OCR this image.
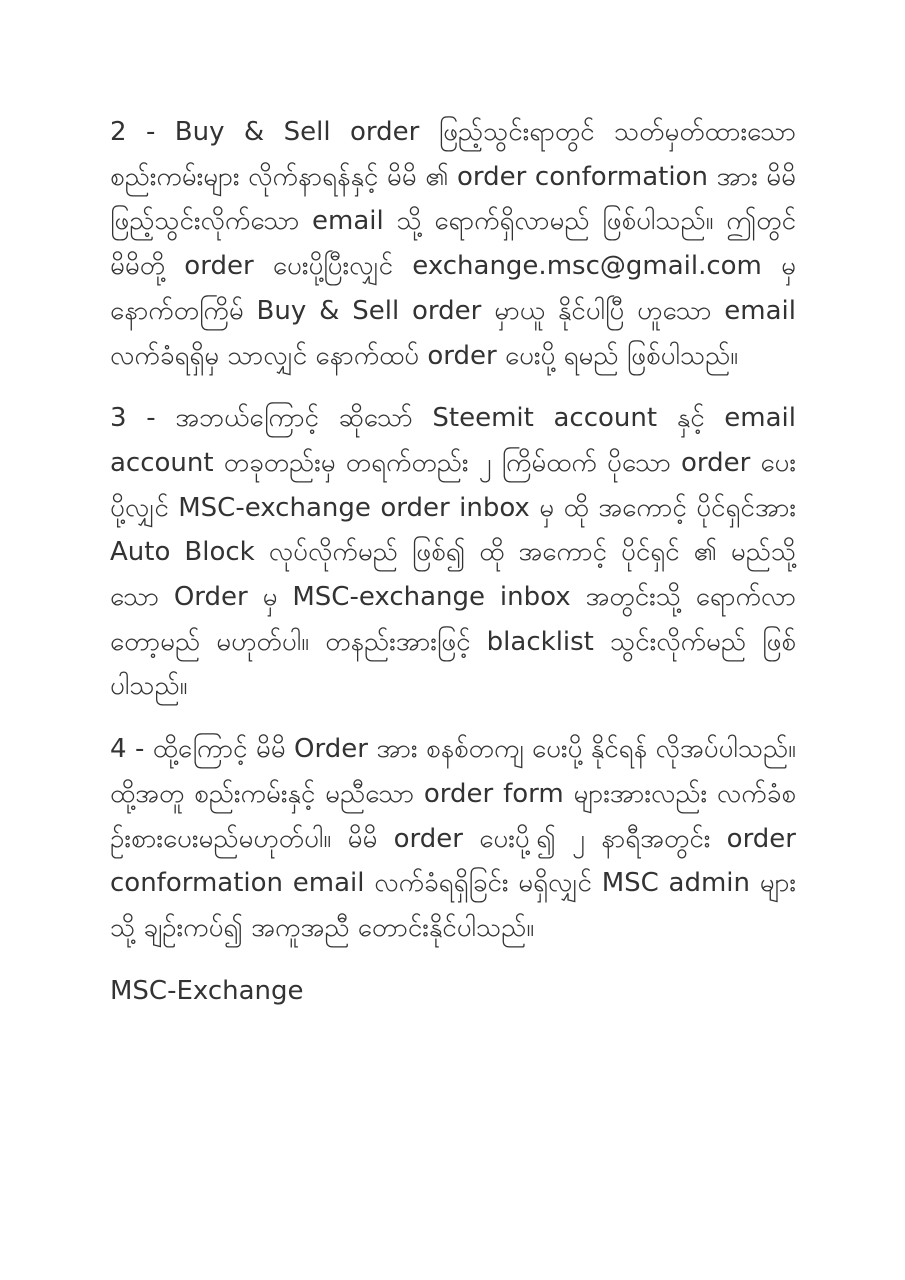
2 - Buy & Sell order ဖြည့်သွင်းရာတွင် သတ်မှတ်ထားသော စည်းကမ်းများ လိုက်နာရန်နှင့် မိမိ ၏ order conformation အား မိမိ ဖြည့်သွင်းလိုက်သော email သို့ ရောက်ရှိလာမည် ဖြစ်ပါသည်။ ဤတွင် မိမိတို့ order ပေးပို့ပြီးလျှင် exchange.msc@gmail.com မှ နောက်တကြိမ် Buy & Sell order မှာယူ နိုင်ပါပြီ ဟူသော email လက်ခံရရှိမှ သာလျှင် နောက်ထပ် order ပေးပို့ ရမည် ဖြစ်ပါသည်။

3 - အဘယ်ကြောင့် ဆိုသော် Steemit account နှင့် email account တခုတည်းမှ တရက်တည်း ၂ ကြိမ်ထက် ပိုသော order ပေးပို့လျှင် MSC-exchange order inbox မှ ထို အကောင့် ပိုင်ရှင်အား Auto Block လုပ်လိုက်မည် ဖြစ်၍ ထို အကောင့် ပိုင်ရှင် ၏ မည်သို့ သော Order မှ MSC-exchange inbox အတွင်းသို့ ရောက်လာတော့မည် မဟုတ်ပါ။ တနည်းအားဖြင့် blacklist သွင်းလိုက်မည် ဖြစ်ပါသည်။

4 - ထို့ကြောင့် မိမိ Order အား စနစ်တကျ ပေးပို့ နိုင်ရန် လိုအပ်ပါသည်။ ထို့အတူ စည်းကမ်းနှင့် မညီသော order form များအားလည်း လက်ခံစဥ်းစားပေးမည်မဟုတ်ပါ။ မိမိ order ပေးပို့၍ ၂ နာရီအတွင်း order conformation email လက်ခံရရှိခြင်း မရှိလျှင် MSC admin များသို့ ချဥ်းကပ်၍ အကူအညီ တောင်းနိုင်ပါသည်။

MSC-Exchange
